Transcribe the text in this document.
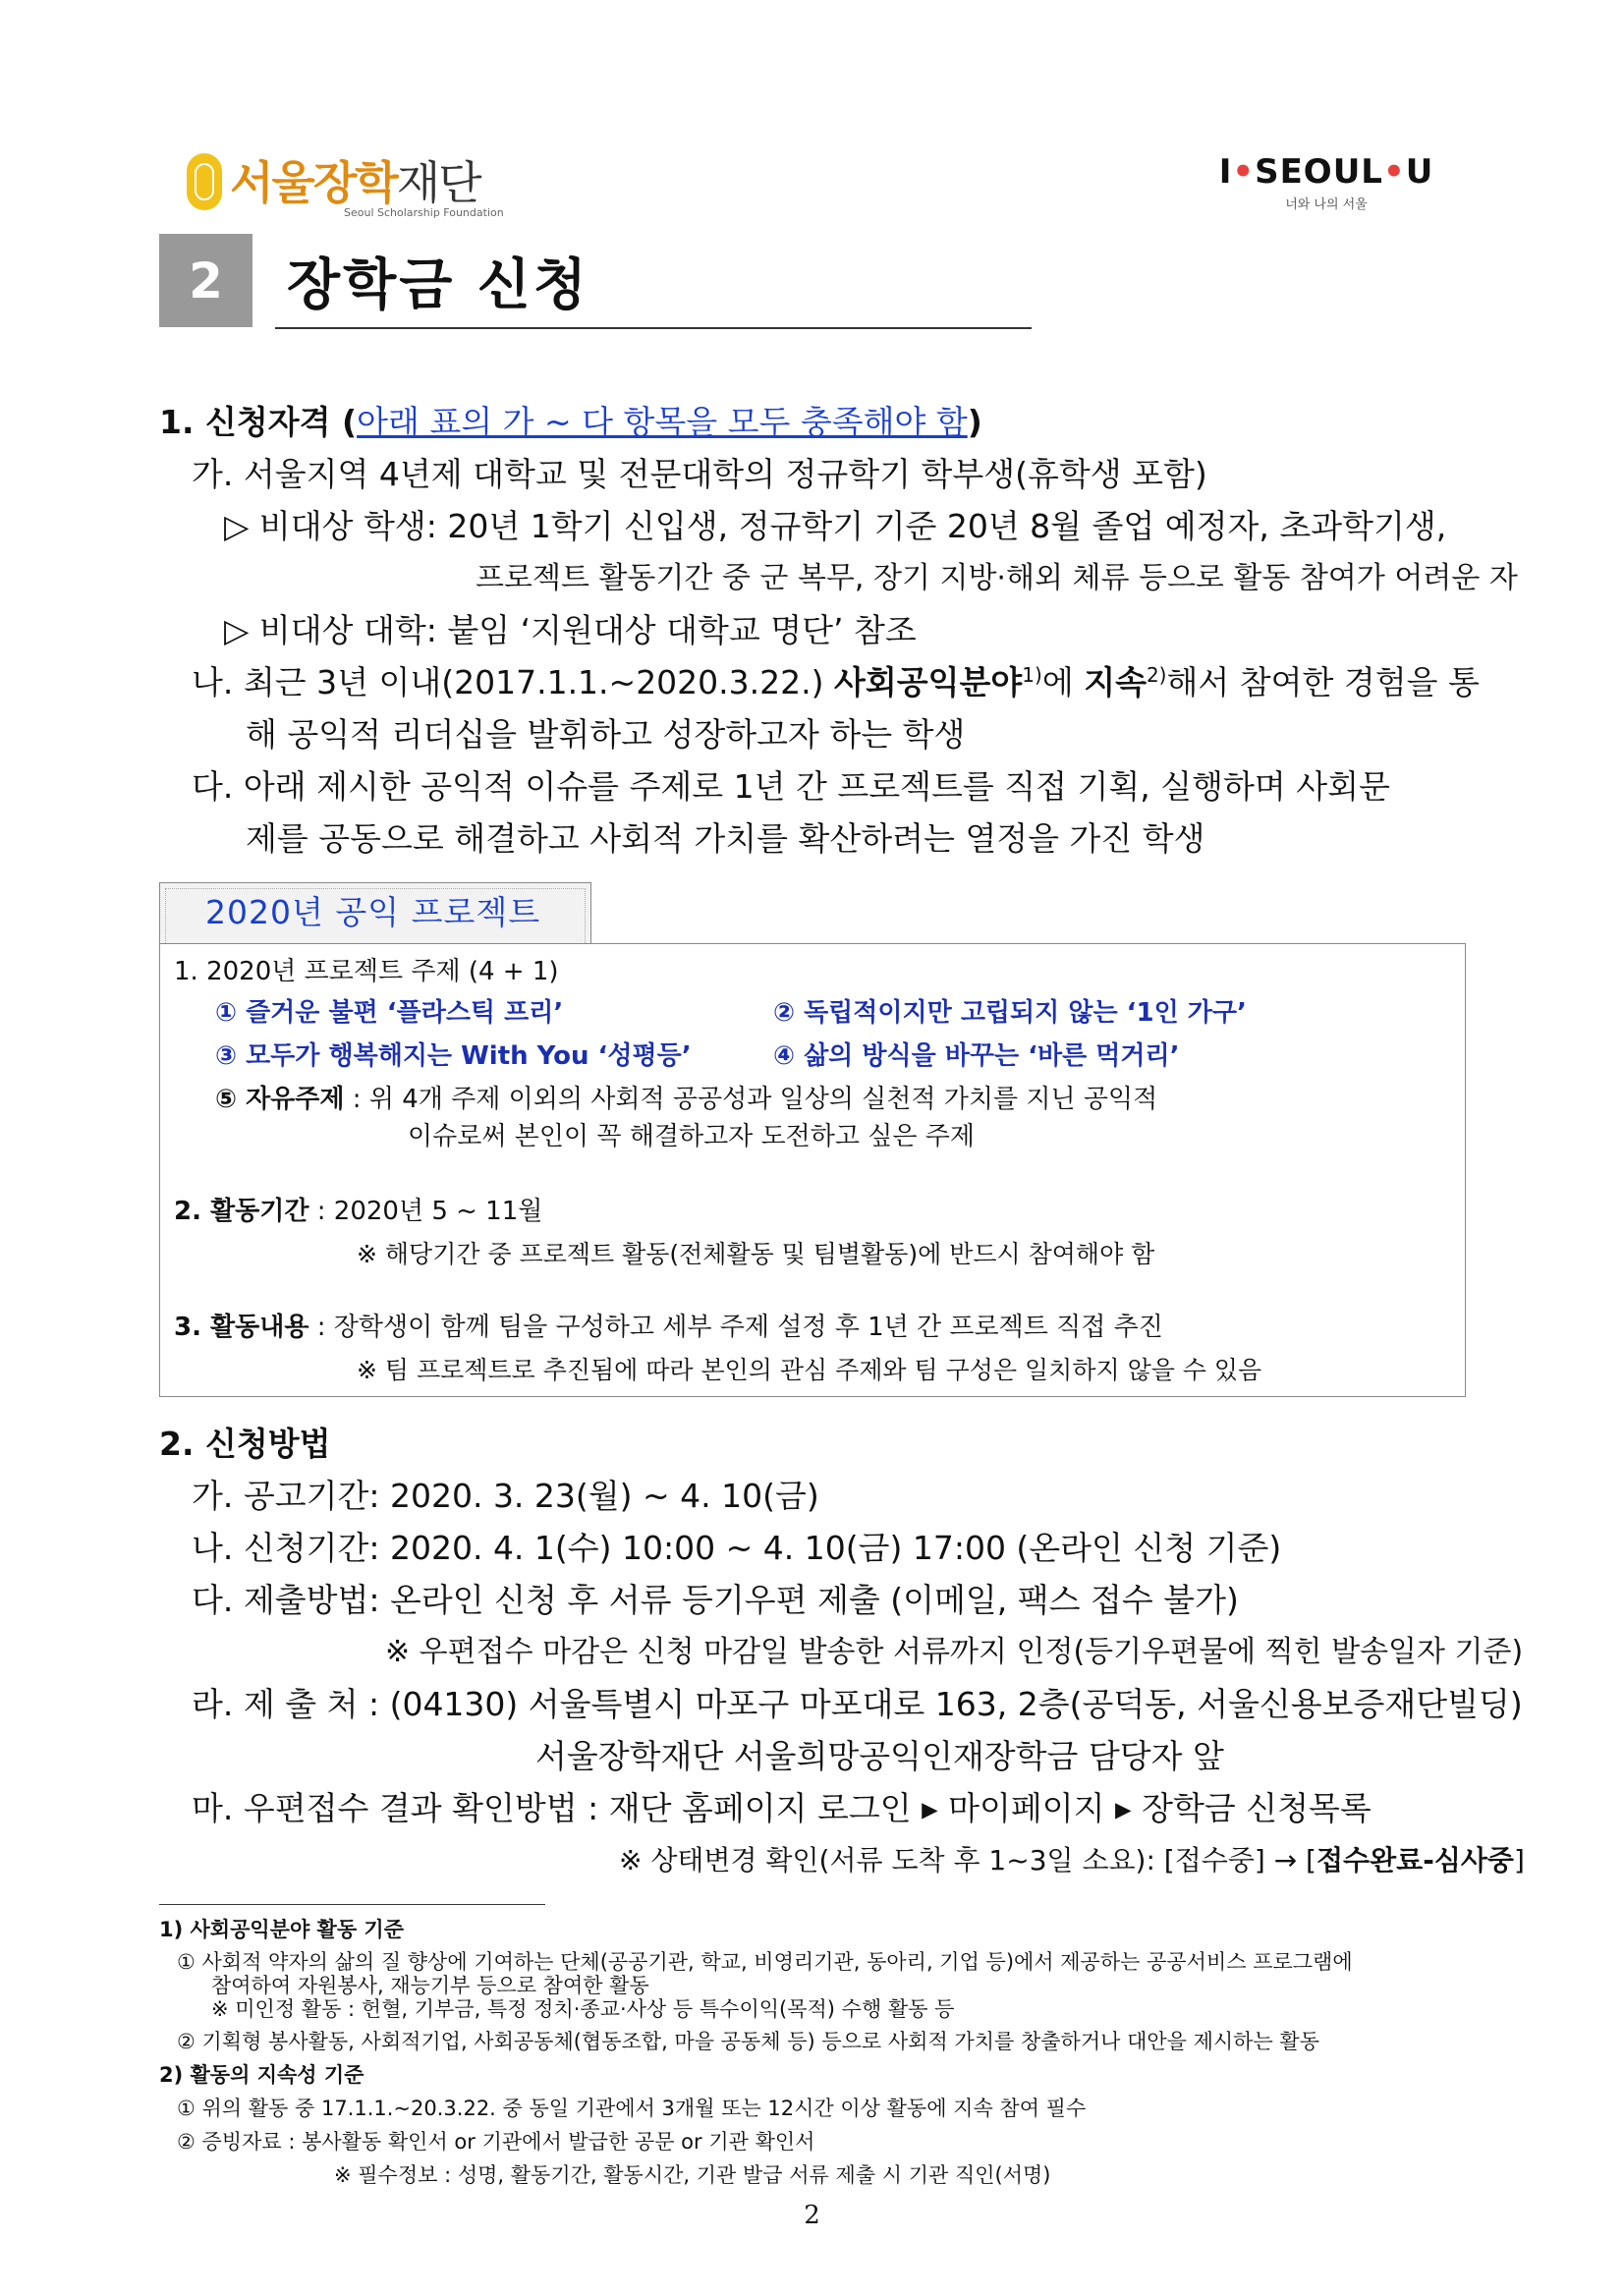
서울장학재단
Seoul Scholarship Foundation
I•SEOUL•U
너와 나의 서울
2	장학금 신청
1. 신청자격 (아래 표의 가 ~ 다 항목을 모두 충족해야 함)
가. 서울지역 4년제 대학교 및 전문대학의 정규학기 학부생(휴학생 포함)
▷ 비대상 학생: 20년 1학기 신입생, 정규학기 기준 20년 8월 졸업 예정자, 초과학기생,
프로젝트 활동기간 중 군 복무, 장기 지방·해외 체류 등으로 활동 참여가 어려운 자
▷ 비대상 대학: 붙임 ‘지원대상 대학교 명단’ 참조
나. 최근 3년 이내(2017.1.1.~2020.3.22.) 사회공익분야$^{1)}$에 지속$^{2)}$해서 참여한 경험을 통
해 공익적 리더십을 발휘하고 성장하고자 하는 학생
다. 아래 제시한 공익적 이슈를 주제로 1년 간 프로젝트를 직접 기획, 실행하며 사회문
제를 공동으로 해결하고 사회적 가치를 확산하려는 열정을 가진 학생
2020년 공익 프로젝트
1. 2020년 프로젝트 주제 (4 + 1)
① 즐거운 불편 ‘플라스틱 프리’	② 독립적이지만 고립되지 않는 ‘1인 가구’
③ 모두가 행복해지는 With You ‘성평등’	④ 삶의 방식을 바꾸는 ‘바른 먹거리’
⑤ 자유주제 : 위 4개 주제 이외의 사회적 공공성과 일상의 실천적 가치를 지닌 공익적
이슈로써 본인이 꼭 해결하고자 도전하고 싶은 주제
2. 활동기간 : 2020년 5 ~ 11월
※ 해당기간 중 프로젝트 활동(전체활동 및 팀별활동)에 반드시 참여해야 함
3. 활동내용 : 장학생이 함께 팀을 구성하고 세부 주제 설정 후 1년 간 프로젝트 직접 추진
※ 팀 프로젝트로 추진됨에 따라 본인의 관심 주제와 팀 구성은 일치하지 않을 수 있음
2. 신청방법
가. 공고기간: 2020. 3. 23(월) ~ 4. 10(금)
나. 신청기간: 2020. 4. 1(수) 10:00 ~ 4. 10(금) 17:00 (온라인 신청 기준)
다. 제출방법: 온라인 신청 후 서류 등기우편 제출 (이메일, 팩스 접수 불가)
※ 우편접수 마감은 신청 마감일 발송한 서류까지 인정(등기우편물에 찍힌 발송일자 기준)
라. 제 출 처 : (04130) 서울특별시 마포구 마포대로 163, 2층(공덕동, 서울신용보증재단빌딩)
서울장학재단 서울희망공익인재장학금 담당자 앞
마. 우편접수 결과 확인방법 : 재단 홈페이지 로그인 ▸ 마이페이지 ▸ 장학금 신청목록
※ 상태변경 확인(서류 도착 후 1~3일 소요): [접수중] → [접수완료-심사중]
1) 사회공익분야 활동 기준
① 사회적 약자의 삶의 질 향상에 기여하는 단체(공공기관, 학교, 비영리기관, 동아리, 기업 등)에서 제공하는 공공서비스 프로그램에
참여하여 자원봉사, 재능기부 등으로 참여한 활동
※ 미인정 활동 : 헌혈, 기부금, 특정 정치·종교·사상 등 특수이익(목적) 수행 활동 등
② 기획형 봉사활동, 사회적기업, 사회공동체(협동조합, 마을 공동체 등) 등으로 사회적 가치를 창출하거나 대안을 제시하는 활동
2) 활동의 지속성 기준
① 위의 활동 중 17.1.1.~20.3.22. 중 동일 기관에서 3개월 또는 12시간 이상 활동에 지속 참여 필수
② 증빙자료 : 봉사활동 확인서 or 기관에서 발급한 공문 or 기관 확인서
※ 필수정보 : 성명, 활동기간, 활동시간, 기관 발급 서류 제출 시 기관 직인(서명)
2
